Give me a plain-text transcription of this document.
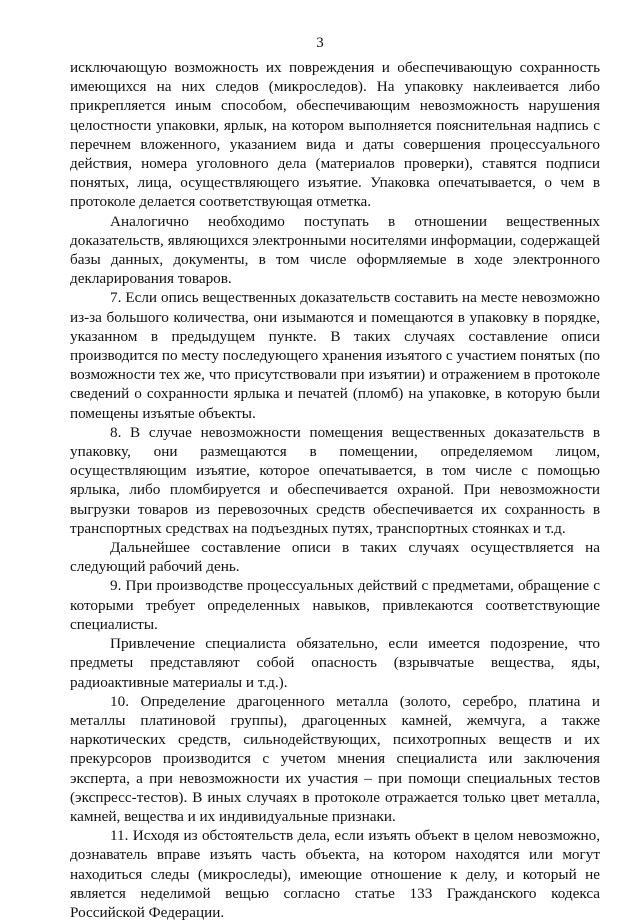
3

исключающую возможность их повреждения и обеспечивающую сохранность имеющихся на них следов (микроследов). На упаковку наклеивается либо прикрепляется иным способом, обеспечивающим невозможность нарушения целостности упаковки, ярлык, на котором выполняется пояснительная надпись с перечнем вложенного, указанием вида и даты совершения процессуального действия, номера уголовного дела (материалов проверки), ставятся подписи понятых, лица, осуществляющего изъятие. Упаковка опечатывается, о чем в протоколе делается соответствующая отметка.

Аналогично необходимо поступать в отношении вещественных доказательств, являющихся электронными носителями информации, содержащей базы данных, документы, в том числе оформляемые в ходе электронного декларирования товаров.

7. Если опись вещественных доказательств составить на месте невозможно из-за большого количества, они изымаются и помещаются в упаковку в порядке, указанном в предыдущем пункте. В таких случаях составление описи производится по месту последующего хранения изъятого с участием понятых (по возможности тех же, что присутствовали при изъятии) и отражением в протоколе сведений о сохранности ярлыка и печатей (пломб) на упаковке, в которую были помещены изъятые объекты.

8. В случае невозможности помещения вещественных доказательств в упаковку, они размещаются в помещении, определяемом лицом, осуществляющим изъятие, которое опечатывается, в том числе с помощью ярлыка, либо пломбируется и обеспечивается охраной. При невозможности выгрузки товаров из перевозочных средств обеспечивается их сохранность в транспортных средствах на подъездных путях, транспортных стоянках и т.д.

Дальнейшее составление описи в таких случаях осуществляется на следующий рабочий день.

9. При производстве процессуальных действий с предметами, обращение с которыми требует определенных навыков, привлекаются соответствующие специалисты.

Привлечение специалиста обязательно, если имеется подозрение, что предметы представляют собой опасность (взрывчатые вещества, яды, радиоактивные материалы и т.д.).

10. Определение драгоценного металла (золото, серебро, платина и металлы платиновой группы), драгоценных камней, жемчуга, а также наркотических средств, сильнодействующих, психотропных веществ и их прекурсоров производится с учетом мнения специалиста или заключения эксперта, а при невозможности их участия – при помощи специальных тестов (экспресс-тестов). В иных случаях в протоколе отражается только цвет металла, камней, вещества и их индивидуальные признаки.

11. Исходя из обстоятельств дела, если изъять объект в целом невозможно, дознаватель вправе изъять часть объекта, на котором находятся или могут находиться следы (микроследы), имеющие отношение к делу, и который не является неделимой вещью согласно статье 133 Гражданского кодекса Российской Федерации.
